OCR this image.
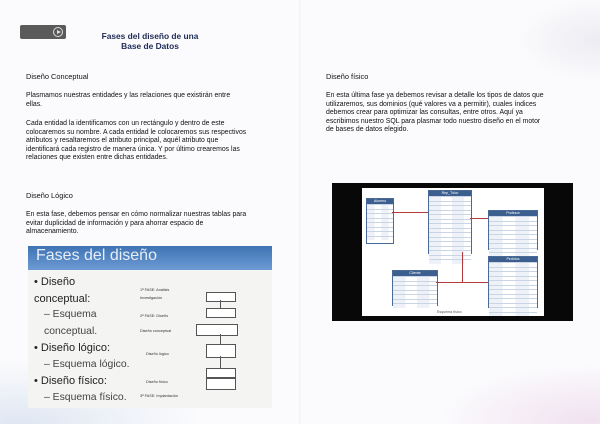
Fases del diseño de una
Base de Datos
Diseño Conceptual
Plasmamos nuestras entidades y las relaciones que existirán entre
ellas.
Cada entidad la identificamos con un rectángulo y dentro de este
colocaremos su nombre. A cada entidad le colocaremos sus respectivos
atributos y resaltaremos el atributo principal, aquél atributo que
identificará cada registro de manera única. Y por último crearemos las
relaciones que existen entre dichas entidades.
Diseño Lógico
En esta fase, debemos pensar en cómo normalizar nuestras tablas para
evitar duplicidad de información y para ahorrar espacio de
almacenamiento.
Fases del diseño
• Diseño conceptual:
– Esquema conceptual.
• Diseño lógico:
– Esquema lógico.
• Diseño físico:
– Esquema físico.
1ª FASE: Análisis
Investigación
2ª FASE: Diseño
Diseño conceptual
Diseño lógico
Diseño físico
3ª FASE: Implantación
Diseño físico
En esta última fase ya debemos revisar a detalle los tipos de datos que
utilizaremos, sus dominios (qué valores va a permitir), cuales índices
debemos crear para optimizar las consultas, entre otros. Aquí ya
escribimos nuestro SQL para plasmar todo nuestro diseño en el motor
de bases de datos elegido.
Alumno
Rep_Tutor
Profesor
Pedidos
Cliente
Esquema físico
